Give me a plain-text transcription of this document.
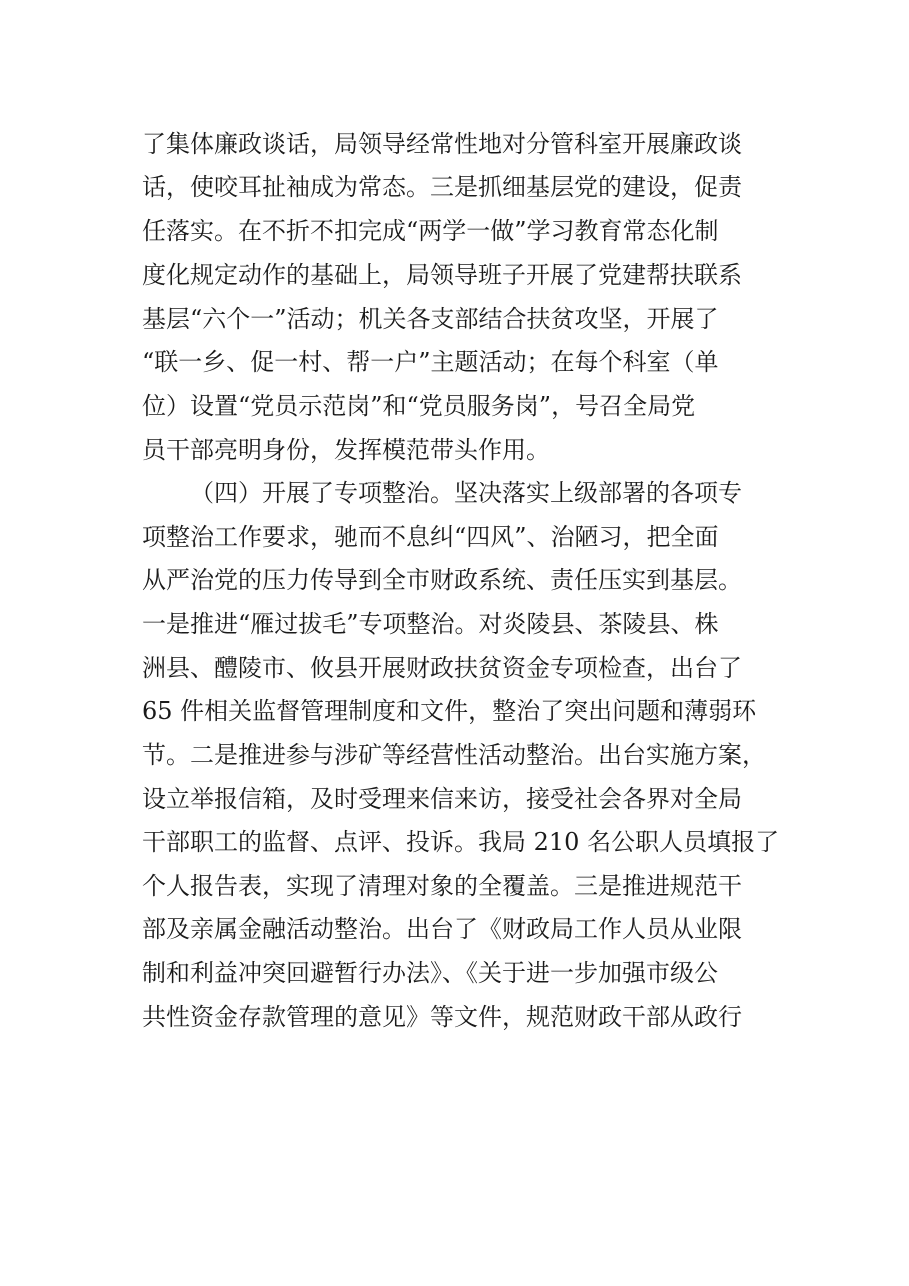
了集体廉政谈话，局领导经常性地对分管科室开展廉政谈

话，使咬耳扯袖成为常态。三是抓细基层党的建设，促责

任落实。在不折不扣完成“两学一做”学习教育常态化制

度化规定动作的基础上，局领导班子开展了党建帮扶联系

基层“六个一”活动；机关各支部结合扶贫攻坚，开展了

“联一乡、促一村、帮一户”主题活动；在每个科室（单

位）设置“党员示范岗”和“党员服务岗”，号召全局党

员干部亮明身份，发挥模范带头作用。

（四）开展了专项整治。坚决落实上级部署的各项专

项整治工作要求，驰而不息纠“四风”、治陋习，把全面

从严治党的压力传导到全市财政系统、责任压实到基层。

一是推进“雁过拔毛”专项整治。对炎陵县、茶陵县、株

洲县、醴陵市、攸县开展财政扶贫资金专项检查，出台了

65 件相关监督管理制度和文件，整治了突出问题和薄弱环

节。二是推进参与涉矿等经营性活动整治。出台实施方案，

设立举报信箱，及时受理来信来访，接受社会各界对全局

干部职工的监督、点评、投诉。我局 210 名公职人员填报了

个人报告表，实现了清理对象的全覆盖。三是推进规范干

部及亲属金融活动整治。出台了《财政局工作人员从业限

制和利益冲突回避暂行办法》、《关于进一步加强市级公

共性资金存款管理的意见》等文件，规范财政干部从政行
